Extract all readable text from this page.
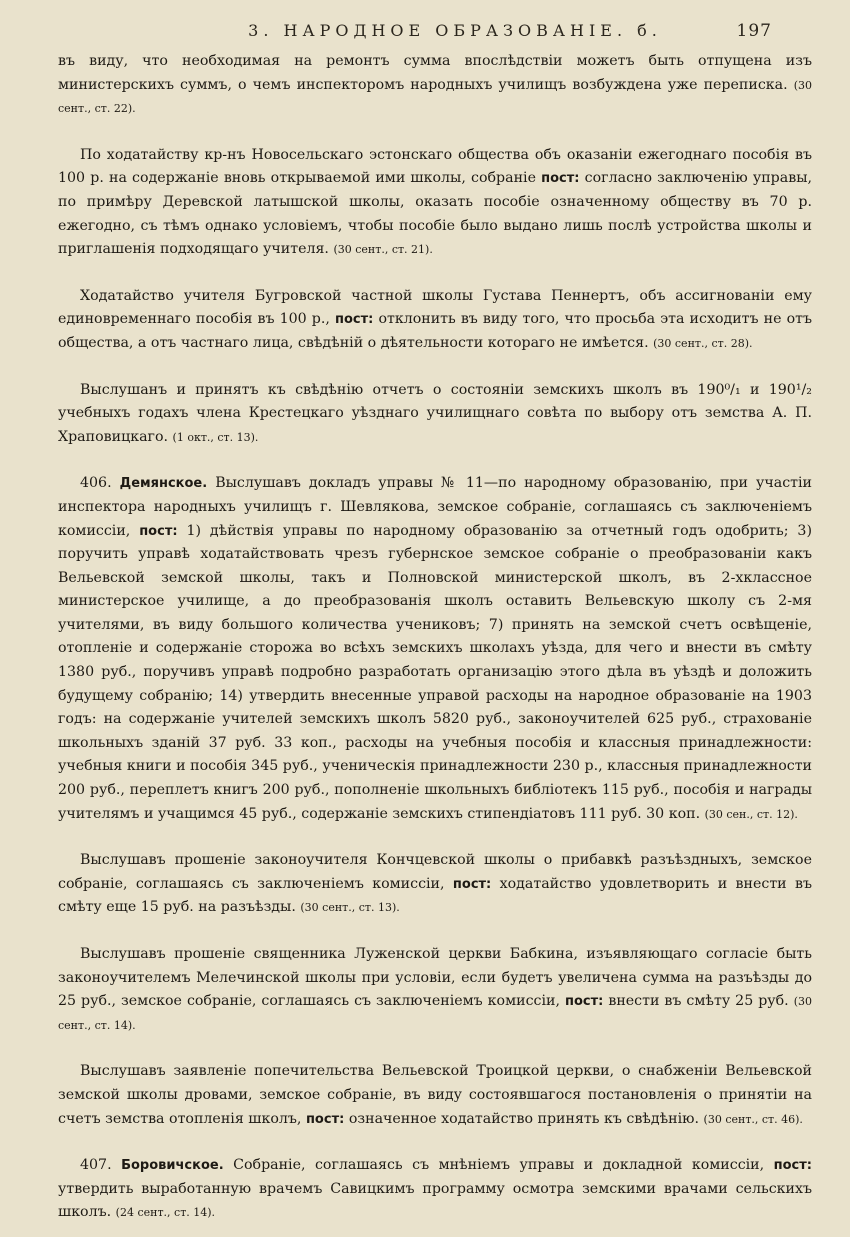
3. НАРОДНОЕ ОБРАЗОВАНІЕ. б.	197

въ виду, что необходимая на ремонтъ сумма впослѣдствіи можетъ быть отпущена изъ министерскихъ суммъ, о чемъ инспекторомъ народныхъ училищъ возбуждена уже переписка. (30 сент., ст. 22).

По ходатайству кр-нъ Новосельскаго эстонскаго общества объ оказаніи ежегоднаго пособія въ 100 р. на содержаніе вновь открываемой ими школы, собраніе пост: согласно заключенію управы, по примѣру Деревской латышской школы, оказать пособіе означенному обществу въ 70 р. ежегодно, съ тѣмъ однако условіемъ, чтобы пособіе было выдано лишь послѣ устройства школы и приглашенія подходящаго учителя. (30 сент., ст. 21).

Ходатайство учителя Бугровской частной школы Густава Пеннертъ, объ ассигнованіи ему единовременнаго пособія въ 100 р., пост: отклонить въ виду того, что просьба эта исходитъ не отъ общества, а отъ частнаго лица, свѣдѣній о дѣятельности котораго не имѣется. (30 сент., ст. 28).

Выслушанъ и принятъ къ свѣдѣнію отчетъ о состояніи земскихъ школъ въ 190⁰/₁ и 190¹/₂ учебныхъ годахъ члена Крестецкаго уѣзднаго училищнаго совѣта по выбору отъ земства А. П. Храповицкаго. (1 окт., ст. 13).

406. Демянское. Выслушавъ докладъ управы № 11—по народному образованію, при участіи инспектора народныхъ училищъ г. Шевлякова, земское собраніе, соглашаясь съ заключеніемъ комиссіи, пост: 1) дѣйствія управы по народному образованію за отчетный годъ одобрить; 3) поручить управѣ ходатайствовать чрезъ губернское земское собраніе о преобразованіи какъ Вельевской земской школы, такъ и Полновской министерской школъ, въ 2-хклассное министерское училище, а до преобразованія школъ оставить Вельевскую школу съ 2-мя учителями, въ виду большого количества учениковъ; 7) принять на земской счетъ освѣщеніе, отопленіе и содержаніе сторожа во всѣхъ земскихъ школахъ уѣзда, для чего и внести въ смѣту 1380 руб., поручивъ управѣ подробно разработать организацію этого дѣла въ уѣздѣ и доложить будущему собранію; 14) утвердить внесенные управой расходы на народное образованіе на 1903 годъ: на содержаніе учителей земскихъ школъ 5820 руб., законоучителей 625 руб., страхованіе школьныхъ зданій 37 руб. 33 коп., расходы на учебныя пособія и классныя принадлежности: учебныя книги и пособія 345 руб., ученическія принадлежности 230 р., классныя принадлежности 200 руб., переплетъ книгъ 200 руб., пополненіе школьныхъ библіотекъ 115 руб., пособія и награды учителямъ и учащимся 45 руб., содержаніе земскихъ стипендіатовъ 111 руб. 30 коп. (30 сен., ст. 12).

Выслушавъ прошеніе законоучителя Кончцевской школы о прибавкѣ разъѣздныхъ, земское собраніе, соглашаясь съ заключеніемъ комиссіи, пост: ходатайство удовлетворить и внести въ смѣту еще 15 руб. на разъѣзды. (30 сент., ст. 13).

Выслушавъ прошеніе священника Луженской церкви Бабкина, изъявляющаго согласіе быть законоучителемъ Мелечинской школы при условіи, если будетъ увеличена сумма на разъѣзды до 25 руб., земское собраніе, соглашаясь съ заключеніемъ комиссіи, пост: внести въ смѣту 25 руб. (30 сент., ст. 14).

Выслушавъ заявленіе попечительства Вельевской Троицкой церкви, о снабженіи Вельевской земской школы дровами, земское собраніе, въ виду состоявшагося постановленія о принятіи на счетъ земства отопленія школъ, пост: означенное ходатайство принять къ свѣдѣнію. (30 сент., ст. 46).

407. Боровичское. Собраніе, соглашаясь съ мнѣніемъ управы и докладной комиссіи, пост: утвердить выработанную врачемъ Савицкимъ программу осмотра земскими врачами сельскихъ школъ. (24 сент., ст. 14).
